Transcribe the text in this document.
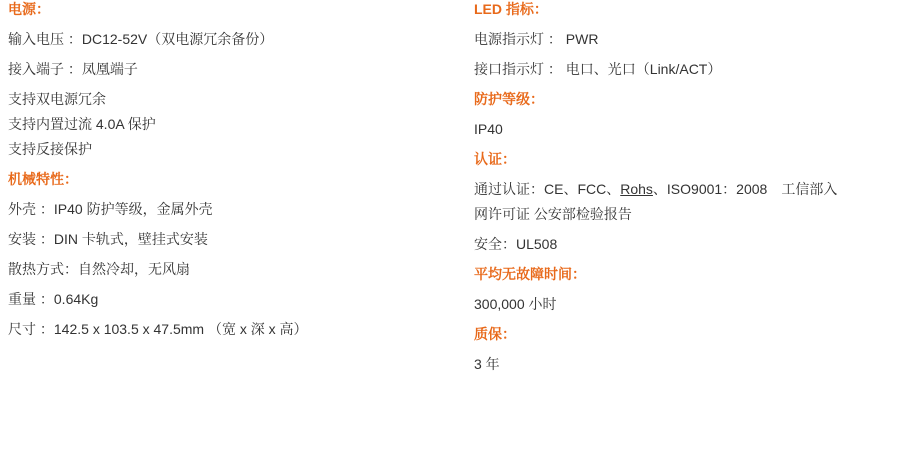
电源：
输入电压 ：DC12-52V（双电源冗余备份）
接入端子 ：凤凰端子
支持双电源冗余
支持内置过流 4.0A 保护
支持反接保护
机械特性：
外壳 ：IP40 防护等级，金属外壳
安装 ：DIN 卡轨式，壁挂式安装
散热方式：自然冷却，无风扇
重量 ：0.64Kg
尺寸 ：142.5 x 103.5 x 47.5mm （宽 x 深 x 高）
LED 指标：
电源指示灯 ： PWR
接口指示灯 ： 电口、光口（Link/ACT）
防护等级：
IP40
认证：
通过认证：CE、FCC、Rohs、ISO9001：2008　工信部入
网许可证 公安部检验报告
安全：UL508
平均无故障时间：
300,000 小时
质保：
3 年
